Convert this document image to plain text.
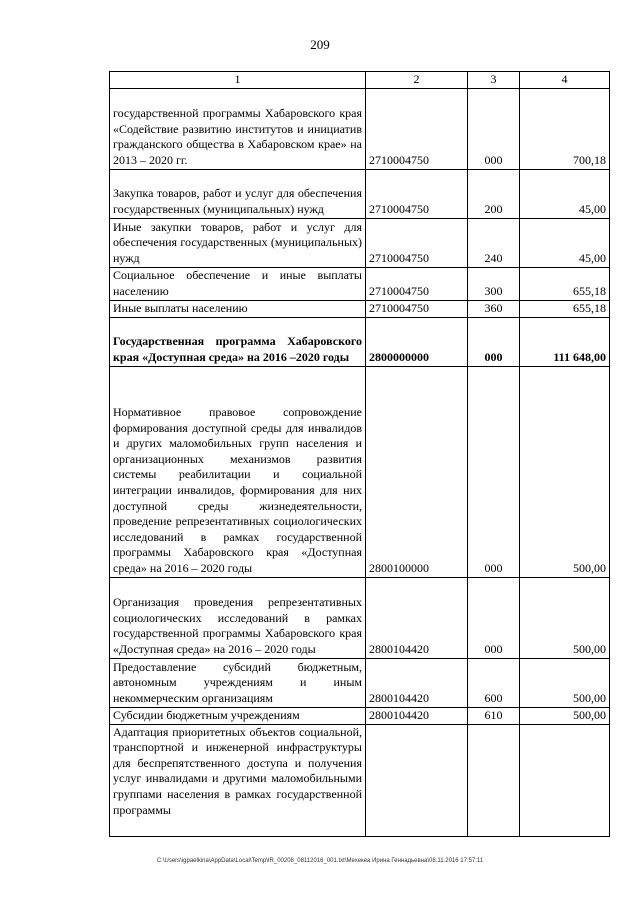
209
1	2	3	4
государственной программы Хабаровского края «Содействие развитию институтов и инициатив гражданского общества в Хабаровском крае» на 2013 – 2020 гг.	2710004750	000	700,18
Закупка товаров, работ и услуг для обеспечения государственных (муниципальных) нужд	2710004750	200	45,00
Иные закупки товаров, работ и услуг для обеспечения государственных (муниципальных) нужд	2710004750	240	45,00
Социальное обеспечение и иные выплаты населению	2710004750	300	655,18
Иные выплаты населению	2710004750	360	655,18
Государственная программа Хабаровского края «Доступная среда» на 2016 –2020 годы	2800000000	000	111 648,00
Нормативное правовое сопровождение формирования доступной среды для инвалидов и других маломобильных групп населения и организационных механизмов развития системы реабилитации и социальной интеграции инвалидов, формирования для них доступной среды жизнедеятельности, проведение репрезентативных социологических исследований в рамках государственной программы Хабаровского края «Доступная среда» на 2016 – 2020 годы	2800100000	000	500,00
Организация проведения репрезентативных социологических исследований в рамках государственной программы Хабаровского края «Доступная среда» на 2016 – 2020 годы	2800104420	000	500,00
Предоставление субсидий бюджетным, автономным учреждениям и иным некоммерческим организациям	2800104420	600	500,00
Субсидии бюджетным учреждениям	2800104420	610	500,00
Адаптация приоритетных объектов социальной, транспортной и инженерной инфраструктуры для беспрепятственного доступа и получения услуг инвалидами и другими маломобильными группами населения в рамках государственной программы			
C:\Users\igpaelkina\AppData\Local\Temp\IR_00208_08112016_001.txt\Мехекеа Ирина Геннадьевна\08.11.2016 17:57:11
